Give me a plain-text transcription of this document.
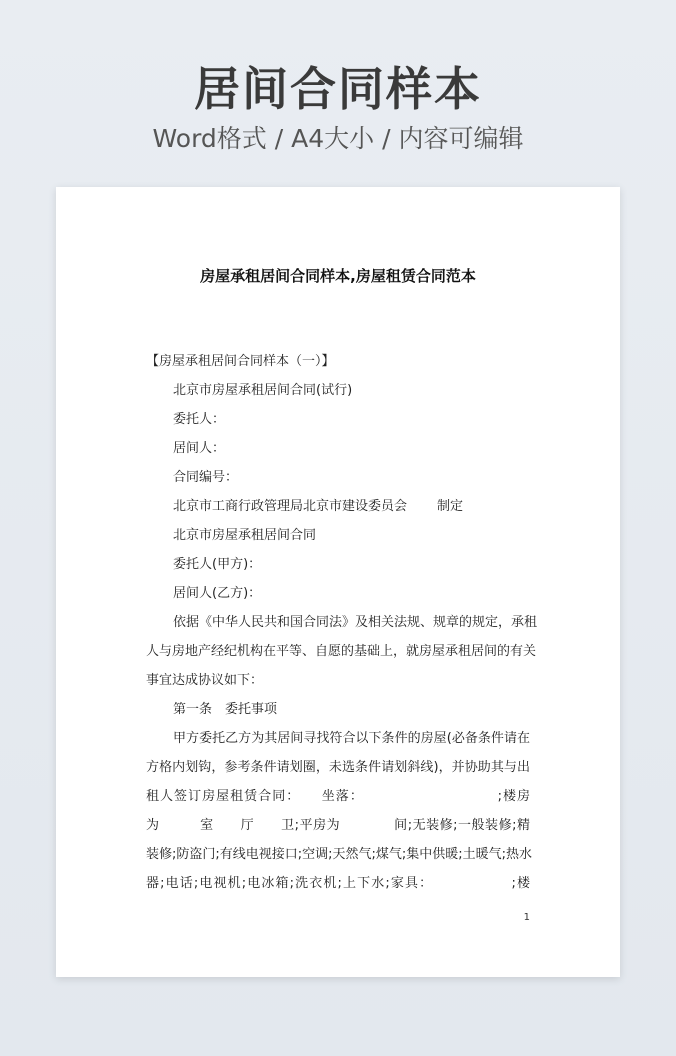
居间合同样本
Word格式 / A4大小 / 内容可编辑
房屋承租居间合同样本,房屋租赁合同范本
【房屋承租居间合同样本（一）】
北京市房屋承租居间合同(试行)
委托人：
居间人：
合同编号：
北京市工商行政管理局北京市建设委员会 制定
北京市房屋承租居间合同
委托人(甲方)：
居间人(乙方)：
依据《中华人民共和国合同法》及相关法规、规章的规定，承租
人与房地产经纪机构在平等、自愿的基础上，就房屋承租居间的有关
事宜达成协议如下：
第一条　委托事项
甲方委托乙方为其居间寻找符合以下条件的房屋(必备条件请在
方格内划钩，参考条件请划圈，未选条件请划斜线)，并协助其与出
租人签订房屋租赁合同：　　坐落：　　　　　　　　　　;楼房
为　　　室　　厅　　卫;平房为　　　　间;无装修;一般装修;精
装修;防盗门;有线电视接口;空调;天然气;煤气;集中供暖;土暖气;热水
器;电话;电视机;电冰箱;洗衣机;上下水;家具：　　　　　　;楼
1
